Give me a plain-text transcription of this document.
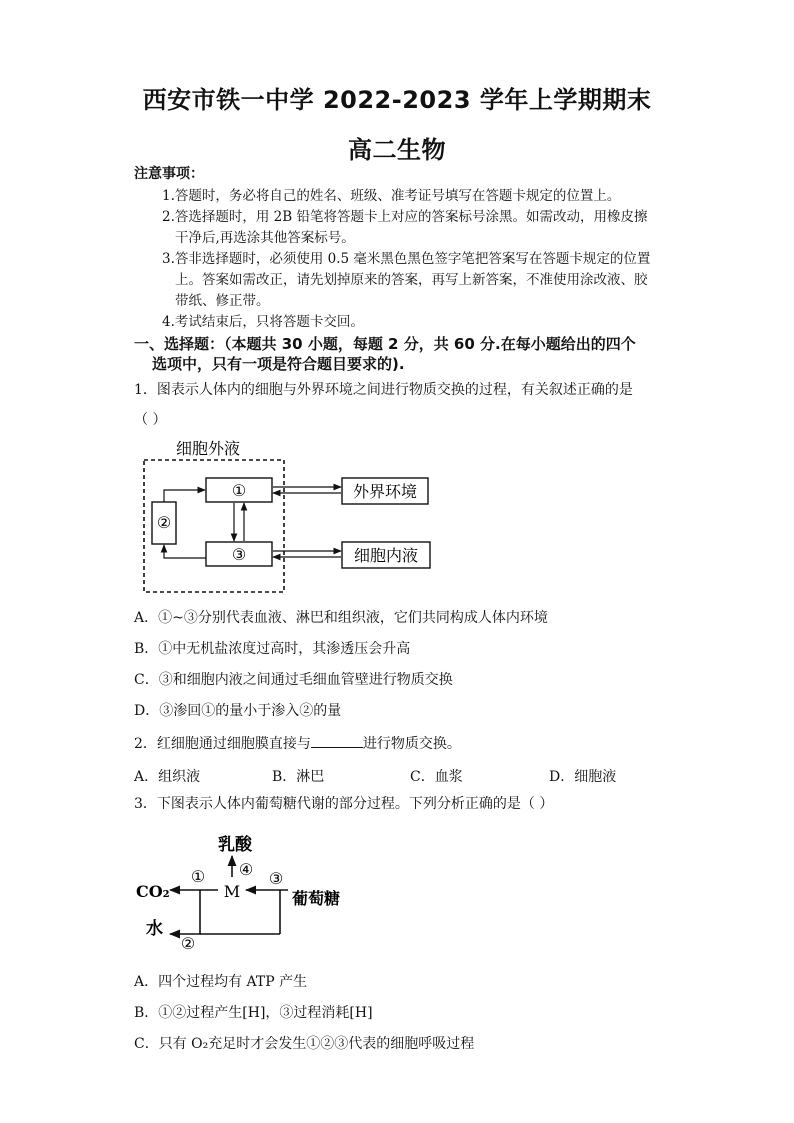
西安市铁一中学 2022-2023 学年上学期期末
高二生物
注意事项：
1.答题时，务必将自己的姓名、班级、准考证号填写在答题卡规定的位置上。
2.答选择题时，用 2B 铅笔将答题卡上对应的答案标号涂黑。如需改动，用橡皮擦
干净后,再选涂其他答案标号。
3.答非选择题时，必须使用 0.5 毫米黑色黑色签字笔把答案写在答题卡规定的位置
上。答案如需改正，请先划掉原来的答案，再写上新答案，不准使用涂改液、胶
带纸、修正带。
4.考试结束后，只将答题卡交回。
一、选择题：（本题共 30 小题，每题 2 分，共 60 分.在每小题给出的四个
选项中，只有一项是符合题目要求的).
1．图表示人体内的细胞与外界环境之间进行物质交换的过程，有关叙述正确的是
（ ）
细胞外液
①
③
②
外界环境
细胞内液
A．①~③分别代表血液、淋巴和组织液，它们共同构成人体内环境
B．①中无机盐浓度过高时，其渗透压会升高
C．③和细胞内液之间通过毛细血管壁进行物质交换
D．③渗回①的量小于渗入②的量
2．红细胞通过细胞膜直接与	进行物质交换。
A．组织液	B．淋巴	C．血浆	D．细胞液
3．下图表示人体内葡萄糖代谢的部分过程。下列分析正确的是（ ）
乳酸
④
M
CO₂
①
葡萄糖
③
水
②
A．四个过程均有 ATP 产生
B．①②过程产生[H]，③过程消耗[H]
C．只有 O₂充足时才会发生①②③代表的细胞呼吸过程
